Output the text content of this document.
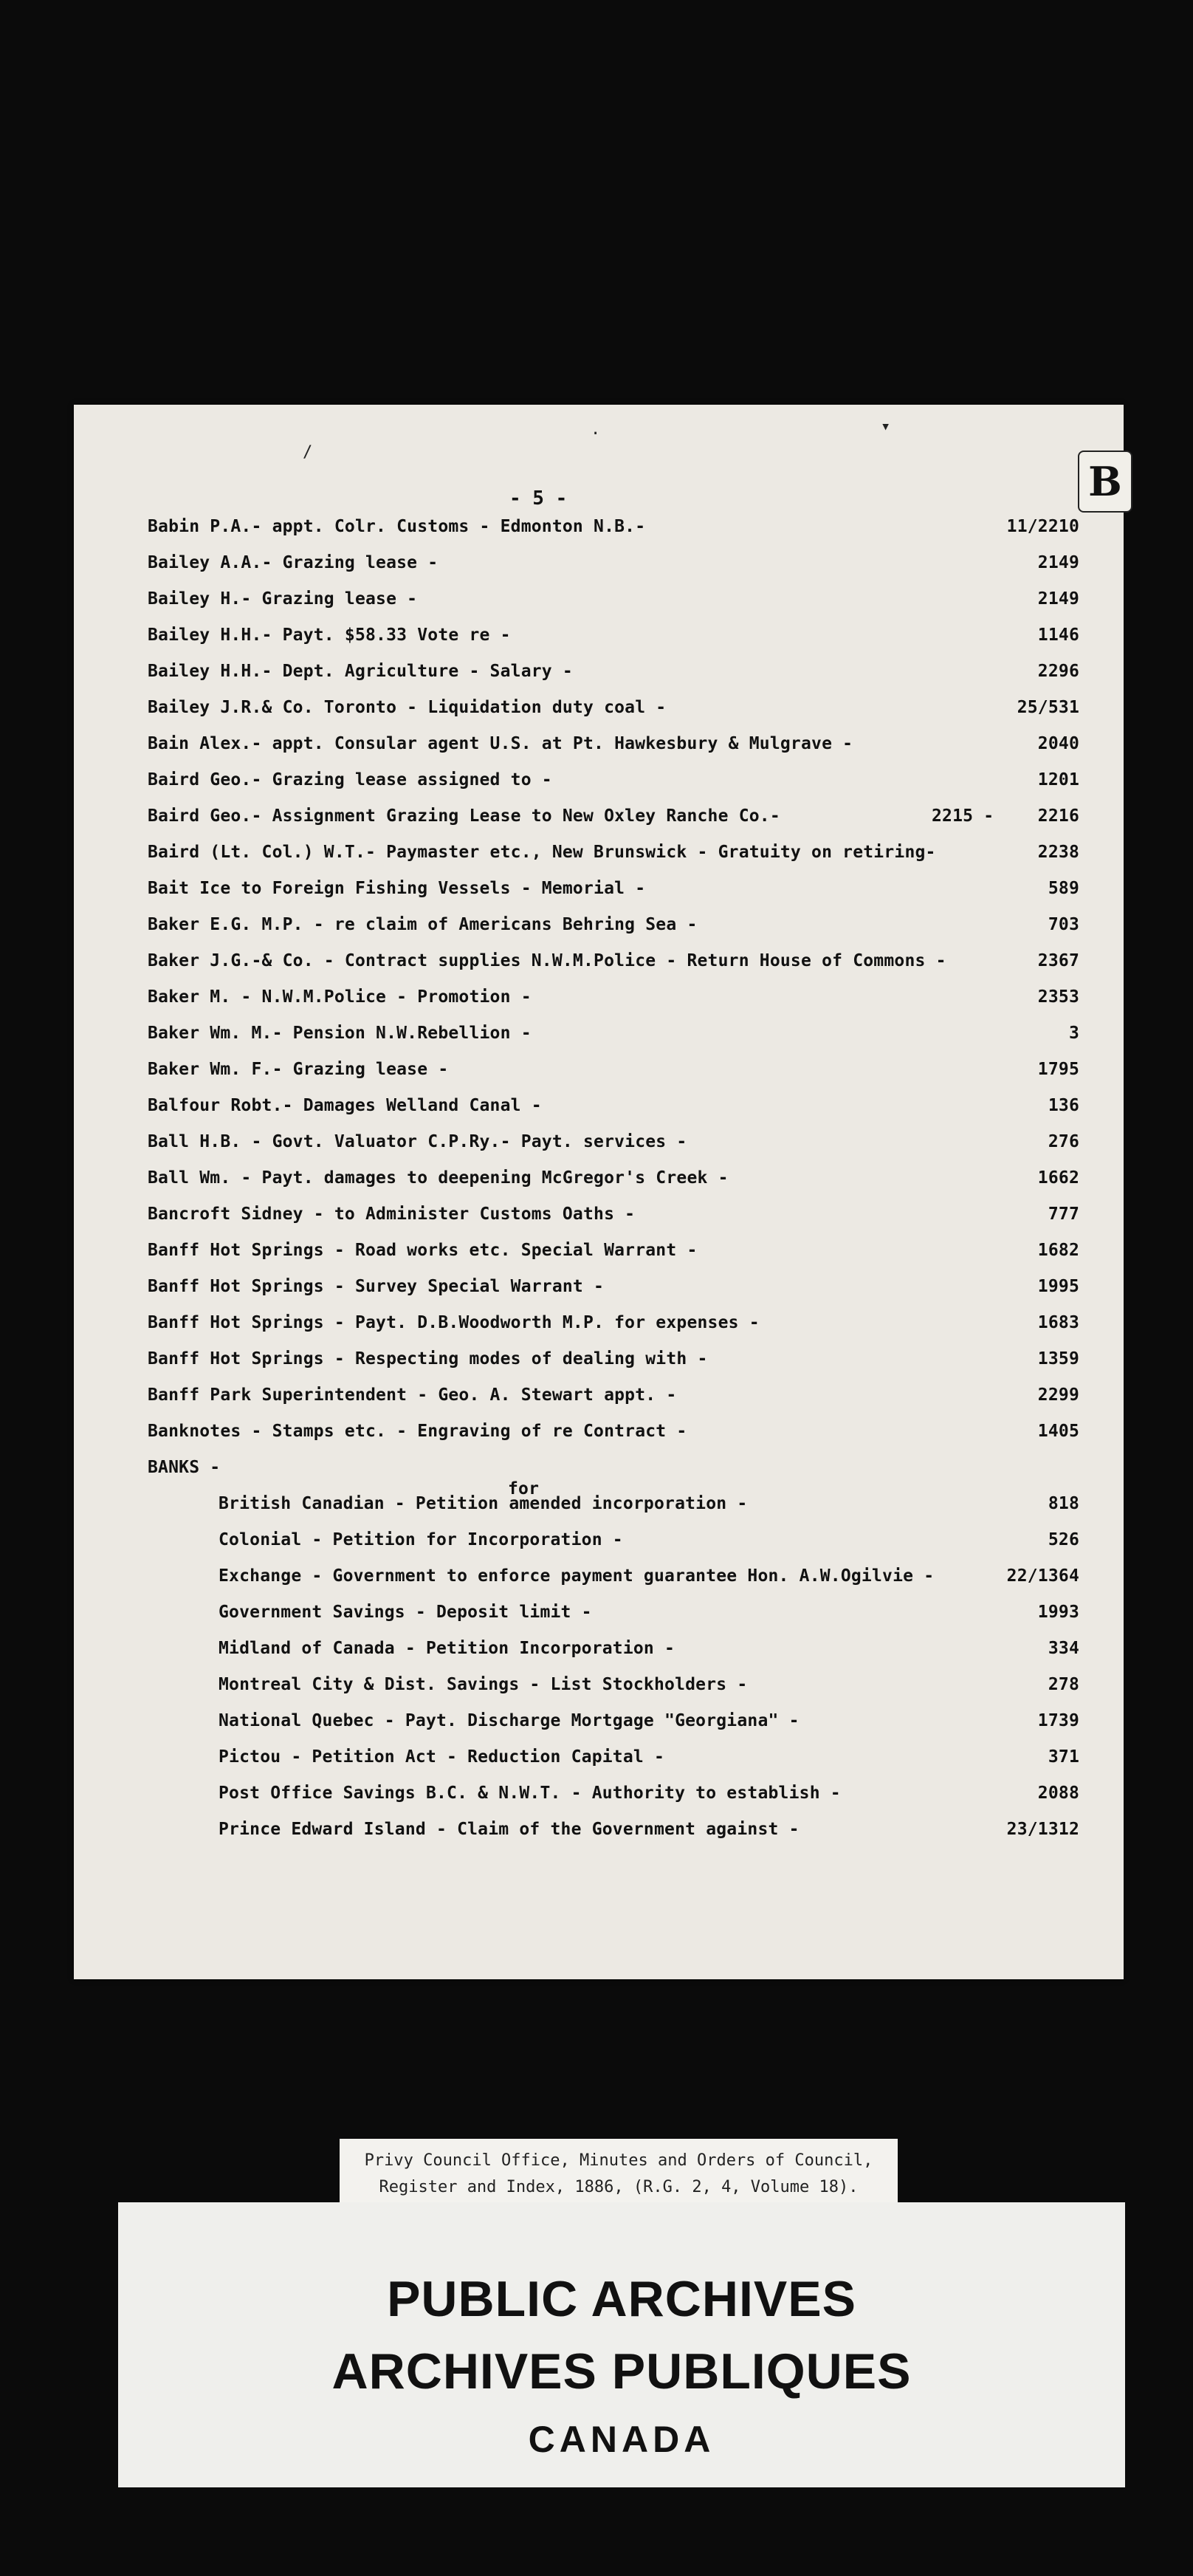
B
/
·	▾
- 5 -
Babin P.A.- appt. Colr. Customs - Edmonton N.B.-	11/2210
Bailey A.A.- Grazing lease -	2149
Bailey H.- Grazing lease -	2149
Bailey H.H.- Payt. $58.33 Vote re -	1146
Bailey H.H.- Dept. Agriculture - Salary -	2296
Bailey J.R.& Co. Toronto - Liquidation duty coal -	25/531
Bain Alex.- appt. Consular agent U.S. at Pt. Hawkesbury & Mulgrave -	2040
Baird Geo.- Grazing lease assigned to -	1201
Baird Geo.- Assignment Grazing Lease to New Oxley Ranche Co.-	2215 -	2216
Baird (Lt. Col.) W.T.- Paymaster etc., New Brunswick - Gratuity on retiring-	2238
Bait Ice to Foreign Fishing Vessels - Memorial -	589
Baker E.G. M.P. - re claim of Americans Behring Sea -	703
Baker J.G.-& Co. - Contract supplies N.W.M.Police - Return House of Commons -	2367
Baker M. - N.W.M.Police - Promotion -	2353
Baker Wm. M.- Pension N.W.Rebellion -	3
Baker Wm. F.- Grazing lease -	1795
Balfour Robt.- Damages Welland Canal -	136
Ball H.B. - Govt. Valuator C.P.Ry.- Payt. services -	276
Ball Wm. - Payt. damages to deepening McGregor's Creek -	1662
Bancroft Sidney - to Administer Customs Oaths -	777
Banff Hot Springs - Road works etc. Special Warrant -	1682
Banff Hot Springs - Survey Special Warrant -	1995
Banff Hot Springs - Payt. D.B.Woodworth M.P. for expenses -	1683
Banff Hot Springs - Respecting modes of dealing with -	1359
Banff Park Superintendent - Geo. A. Stewart appt. -	2299
Banknotes - Stamps etc. - Engraving of re Contract -	1405
BANKS -
for
British Canadian - Petition amended incorporation -	818
Colonial - Petition for Incorporation -	526
Exchange - Government to enforce payment guarantee Hon. A.W.Ogilvie -	22/1364
Government Savings - Deposit limit -	1993
Midland of Canada - Petition Incorporation -	334
Montreal City & Dist. Savings - List Stockholders -	278
National Quebec - Payt. Discharge Mortgage "Georgiana" -	1739
Pictou - Petition Act - Reduction Capital -	371
Post Office Savings B.C. & N.W.T. - Authority to establish -	2088
Prince Edward Island - Claim of the Government against -	23/1312
Privy Council Office, Minutes and Orders of Council,
Register and Index, 1886, (R.G. 2, 4, Volume 18).
PUBLIC ARCHIVES
ARCHIVES PUBLIQUES
CANADA
